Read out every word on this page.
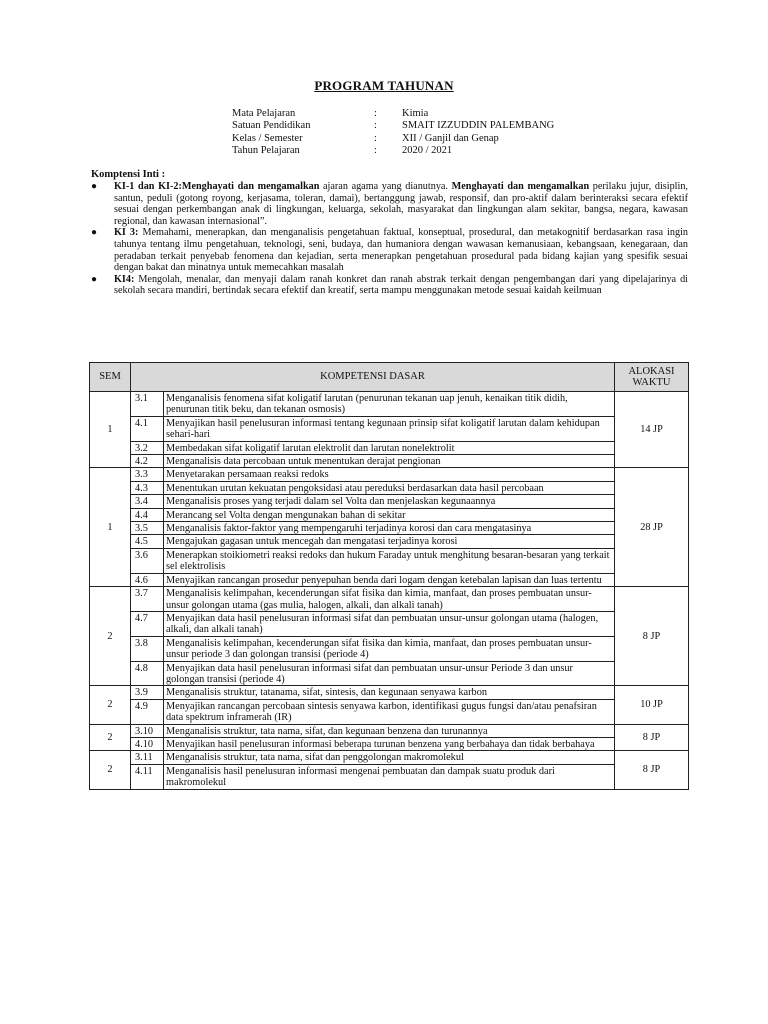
PROGRAM TAHUNAN
Mata Pelajaran	:	Kimia
Satuan Pendidikan	:	SMAIT IZZUDDIN PALEMBANG
Kelas / Semester	:	XII / Ganjil dan Genap
Tahun Pelajaran	:	2020 / 2021
Komptensi Inti :
● KI-1 dan KI-2:Menghayati dan mengamalkan ajaran agama yang dianutnya. Menghayati dan mengamalkan perilaku jujur, disiplin, santun, peduli (gotong royong, kerjasama, toleran, damai), bertanggung jawab, responsif, dan pro-aktif dalam berinteraksi secara efektif sesuai dengan perkembangan anak di lingkungan, keluarga, sekolah, masyarakat dan lingkungan alam sekitar, bangsa, negara, kawasan regional, dan kawasan internasional”.
● KI 3: Memahami, menerapkan, dan menganalisis pengetahuan faktual, konseptual, prosedural, dan metakognitif berdasarkan rasa ingin tahunya tentang ilmu pengetahuan, teknologi, seni, budaya, dan humaniora dengan wawasan kemanusiaan, kebangsaan, kenegaraan, dan peradaban terkait penyebab fenomena dan kejadian, serta menerapkan pengetahuan prosedural pada bidang kajian yang spesifik sesuai dengan bakat dan minatnya untuk memecahkan masalah
● KI4: Mengolah, menalar, dan menyaji dalam ranah konkret dan ranah abstrak terkait dengan pengembangan dari yang dipelajarinya di sekolah secara mandiri, bertindak secara efektif dan kreatif, serta mampu menggunakan metode sesuai kaidah keilmuan
SEM	KOMPETENSI DASAR		ALOKASI WAKTU
1	3.1	Menganalisis fenomena sifat koligatif larutan (penurunan tekanan uap jenuh, kenaikan titik didih, penurunan titik beku, dan tekanan osmosis)	14 JP
	4.1	Menyajikan hasil penelusuran informasi tentang kegunaan prinsip sifat koligatif larutan dalam kehidupan sehari-hari	
	3.2	Membedakan sifat koligatif larutan elektrolit dan larutan nonelektrolit	
	4.2	Menganalisis data percobaan untuk menentukan derajat pengionan	
1	3.3	Menyetarakan persamaan reaksi redoks	28 JP
	4.3	Menentukan urutan kekuatan pengoksidasi atau pereduksi berdasarkan data hasil percobaan	
	3.4	Menganalisis proses yang terjadi dalam sel Volta dan menjelaskan kegunaannya	
	4.4	Merancang sel Volta dengan mengunakan bahan di sekitar	
	3.5	Menganalisis faktor-faktor yang mempengaruhi terjadinya korosi dan cara mengatasinya	
	4.5	Mengajukan gagasan untuk mencegah dan mengatasi terjadinya korosi	
	3.6	Menerapkan stoikiometri reaksi redoks dan hukum Faraday untuk menghitung besaran-besaran yang terkait sel elektrolisis	
	4.6	Menyajikan rancangan prosedur penyepuhan benda dari logam dengan ketebalan lapisan dan luas tertentu	
2	3.7	Menganalisis kelimpahan, kecenderungan sifat fisika dan kimia, manfaat, dan proses pembuatan unsur-unsur golongan utama (gas mulia, halogen, alkali, dan alkali tanah)	8 JP
	4.7	Menyajikan data hasil penelusuran informasi sifat dan pembuatan unsur-unsur golongan utama (halogen, alkali, dan alkali tanah)	
	3.8	Menganalisis kelimpahan, kecenderungan sifat fisika dan kimia, manfaat, dan proses pembuatan unsur-unsur periode 3 dan golongan transisi (periode 4)	
	4.8	Menyajikan data hasil penelusuran informasi sifat dan pembuatan unsur-unsur Periode 3 dan unsur golongan transisi (periode 4)	
2	3.9	Menganalisis struktur, tatanama, sifat, sintesis, dan kegunaan senyawa karbon	10 JP
	4.9	Menyajikan rancangan percobaan sintesis senyawa karbon, identifikasi gugus fungsi dan/atau penafsiran data spektrum inframerah (IR)	
2	3.10	Menganalisis struktur, tata nama, sifat, dan kegunaan benzena dan turunannya	8 JP
	4.10	Menyajikan hasil penelusuran informasi beberapa turunan benzena yang berbahaya dan tidak berbahaya	
2	3.11	Menganalisis struktur, tata nama, sifat dan penggolongan makromolekul	8 JP
	4.11	Menganalisis hasil penelusuran informasi mengenai pembuatan dan dampak suatu produk dari makromolekul	
